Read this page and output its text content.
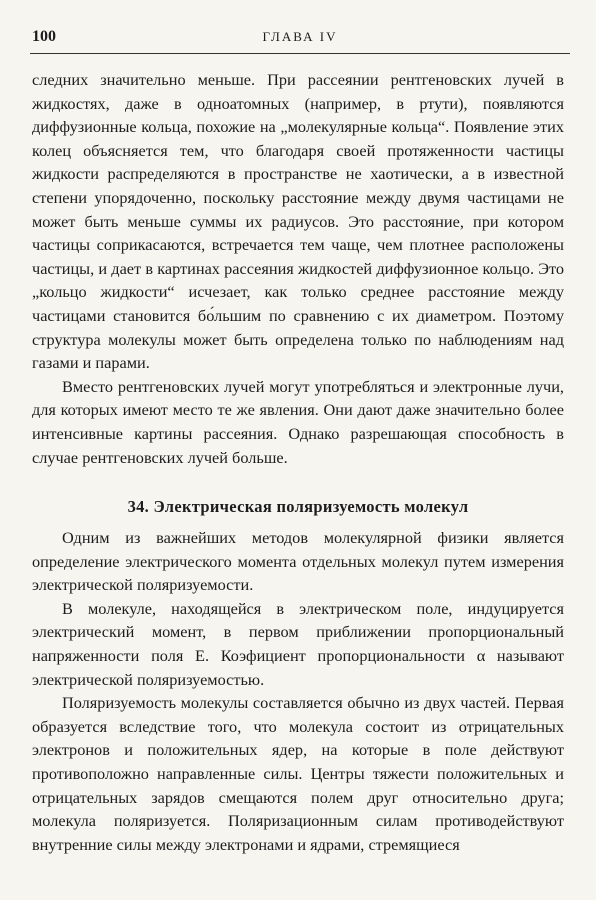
100	ГЛАВА IV

следних значительно меньше. При рассеянии рентгеновских лучей в жидкостях, даже в одноатомных (например, в ртути), появляются диффузионные кольца, похожие на „молекулярные кольца“. Появление этих колец объясняется тем, что благодаря своей протяженности частицы жидкости распределяются в пространстве не хаотически, а в известной степени упорядоченно, поскольку расстояние между двумя частицами не может быть меньше суммы их радиусов. Это расстояние, при котором частицы соприкасаются, встречается тем чаще, чем плотнее расположены частицы, и дает в картинах рассеяния жидкостей диффузионное кольцо. Это „кольцо жидкости“ исчезает, как только среднее расстояние между частицами становится бо́льшим по сравнению с их диаметром. Поэтому структура молекулы может быть определена только по наблюдениям над газами и парами.

Вместо рентгеновских лучей могут употребляться и электронные лучи, для которых имеют место те же явления. Они дают даже значительно более интенсивные картины рассеяния. Однако разрешающая способность в случае рентгеновских лучей больше.

34. Электрическая поляризуемость молекул

Одним из важнейших методов молекулярной физики является определение электрического момента отдельных молекул путем измерения электрической поляризуемости.

В молекуле, находящейся в электрическом поле, индуцируется электрический момент, в первом приближении пропорциональный напряженности поля E. Коэфициент пропорциональности α называют электрической поляризуемостью.

Поляризуемость молекулы составляется обычно из двух частей. Первая образуется вследствие того, что молекула состоит из отрицательных электронов и положительных ядер, на которые в поле действуют противоположно направленные силы. Центры тяжести положительных и отрицательных зарядов смещаются полем друг относительно друга; молекула поляризуется. Поляризационным силам противодействуют внутренние силы между электронами и ядрами, стремящиеся
